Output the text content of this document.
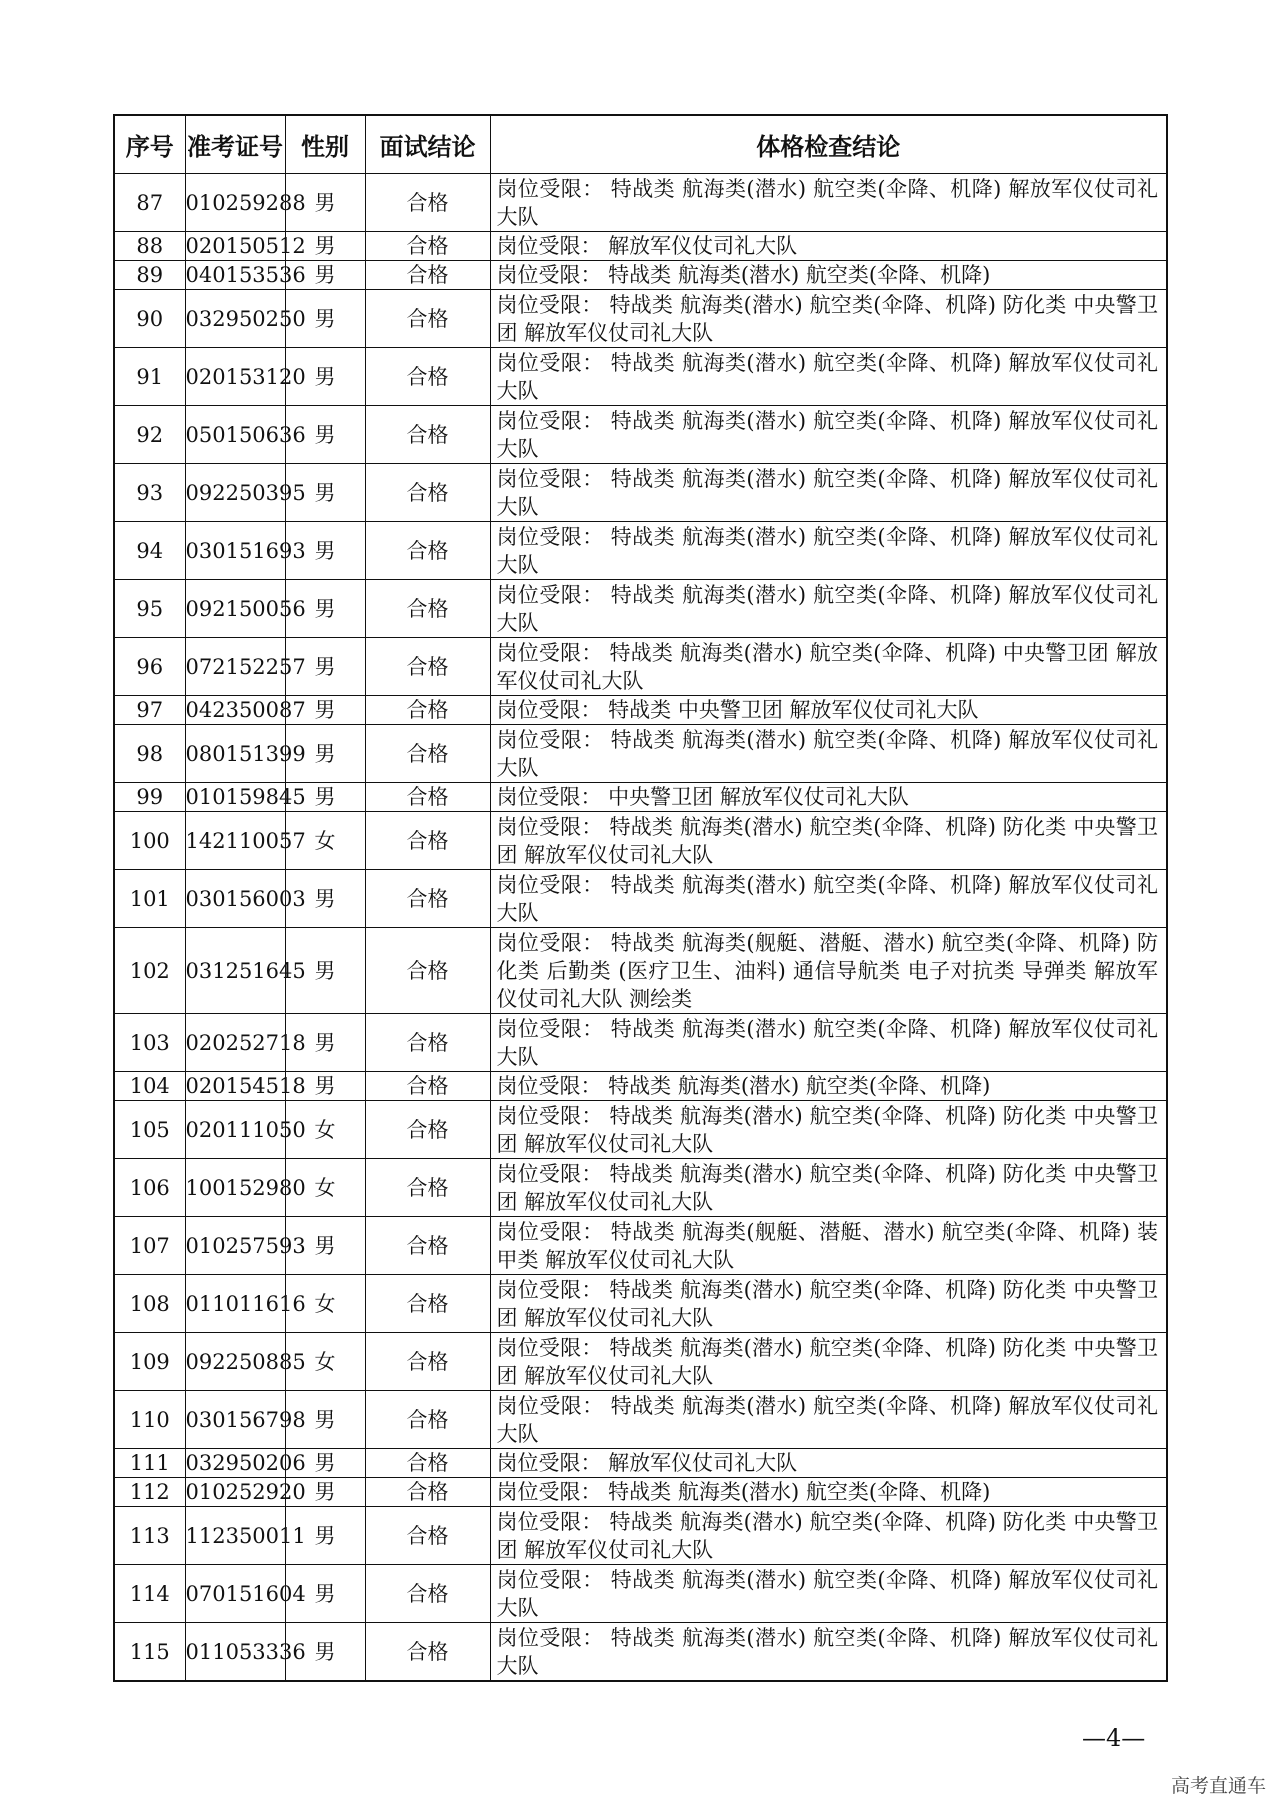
序号	准考证号	性别	面试结论	体格检查结论
87	010259288	男	合格	岗位受限： 特战类 航海类(潜水) 航空类(伞降、机降) 解放军仪仗司礼大队
88	020150512	男	合格	岗位受限： 解放军仪仗司礼大队
89	040153536	男	合格	岗位受限： 特战类 航海类(潜水) 航空类(伞降、机降)
90	032950250	男	合格	岗位受限： 特战类 航海类(潜水) 航空类(伞降、机降) 防化类 中央警卫团 解放军仪仗司礼大队
91	020153120	男	合格	岗位受限： 特战类 航海类(潜水) 航空类(伞降、机降) 解放军仪仗司礼大队
92	050150636	男	合格	岗位受限： 特战类 航海类(潜水) 航空类(伞降、机降) 解放军仪仗司礼大队
93	092250395	男	合格	岗位受限： 特战类 航海类(潜水) 航空类(伞降、机降) 解放军仪仗司礼大队
94	030151693	男	合格	岗位受限： 特战类 航海类(潜水) 航空类(伞降、机降) 解放军仪仗司礼大队
95	092150056	男	合格	岗位受限： 特战类 航海类(潜水) 航空类(伞降、机降) 解放军仪仗司礼大队
96	072152257	男	合格	岗位受限： 特战类 航海类(潜水) 航空类(伞降、机降) 中央警卫团 解放军仪仗司礼大队
97	042350087	男	合格	岗位受限： 特战类 中央警卫团 解放军仪仗司礼大队
98	080151399	男	合格	岗位受限： 特战类 航海类(潜水) 航空类(伞降、机降) 解放军仪仗司礼大队
99	010159845	男	合格	岗位受限： 中央警卫团 解放军仪仗司礼大队
100	142110057	女	合格	岗位受限： 特战类 航海类(潜水) 航空类(伞降、机降) 防化类 中央警卫团 解放军仪仗司礼大队
101	030156003	男	合格	岗位受限： 特战类 航海类(潜水) 航空类(伞降、机降) 解放军仪仗司礼大队
102	031251645	男	合格	岗位受限： 特战类 航海类(舰艇、潜艇、潜水) 航空类(伞降、机降) 防化类 后勤类 (医疗卫生、油料) 通信导航类 电子对抗类 导弹类 解放军仪仗司礼大队 测绘类
103	020252718	男	合格	岗位受限： 特战类 航海类(潜水) 航空类(伞降、机降) 解放军仪仗司礼大队
104	020154518	男	合格	岗位受限： 特战类 航海类(潜水) 航空类(伞降、机降)
105	020111050	女	合格	岗位受限： 特战类 航海类(潜水) 航空类(伞降、机降) 防化类 中央警卫团 解放军仪仗司礼大队
106	100152980	女	合格	岗位受限： 特战类 航海类(潜水) 航空类(伞降、机降) 防化类 中央警卫团 解放军仪仗司礼大队
107	010257593	男	合格	岗位受限： 特战类 航海类(舰艇、潜艇、潜水) 航空类(伞降、机降) 装甲类 解放军仪仗司礼大队
108	011011616	女	合格	岗位受限： 特战类 航海类(潜水) 航空类(伞降、机降) 防化类 中央警卫团 解放军仪仗司礼大队
109	092250885	女	合格	岗位受限： 特战类 航海类(潜水) 航空类(伞降、机降) 防化类 中央警卫团 解放军仪仗司礼大队
110	030156798	男	合格	岗位受限： 特战类 航海类(潜水) 航空类(伞降、机降) 解放军仪仗司礼大队
111	032950206	男	合格	岗位受限： 解放军仪仗司礼大队
112	010252920	男	合格	岗位受限： 特战类 航海类(潜水) 航空类(伞降、机降)
113	112350011	男	合格	岗位受限： 特战类 航海类(潜水) 航空类(伞降、机降) 防化类 中央警卫团 解放军仪仗司礼大队
114	070151604	男	合格	岗位受限： 特战类 航海类(潜水) 航空类(伞降、机降) 解放军仪仗司礼大队
115	011053336	男	合格	岗位受限： 特战类 航海类(潜水) 航空类(伞降、机降) 解放军仪仗司礼大队
—4—
高考直通车
